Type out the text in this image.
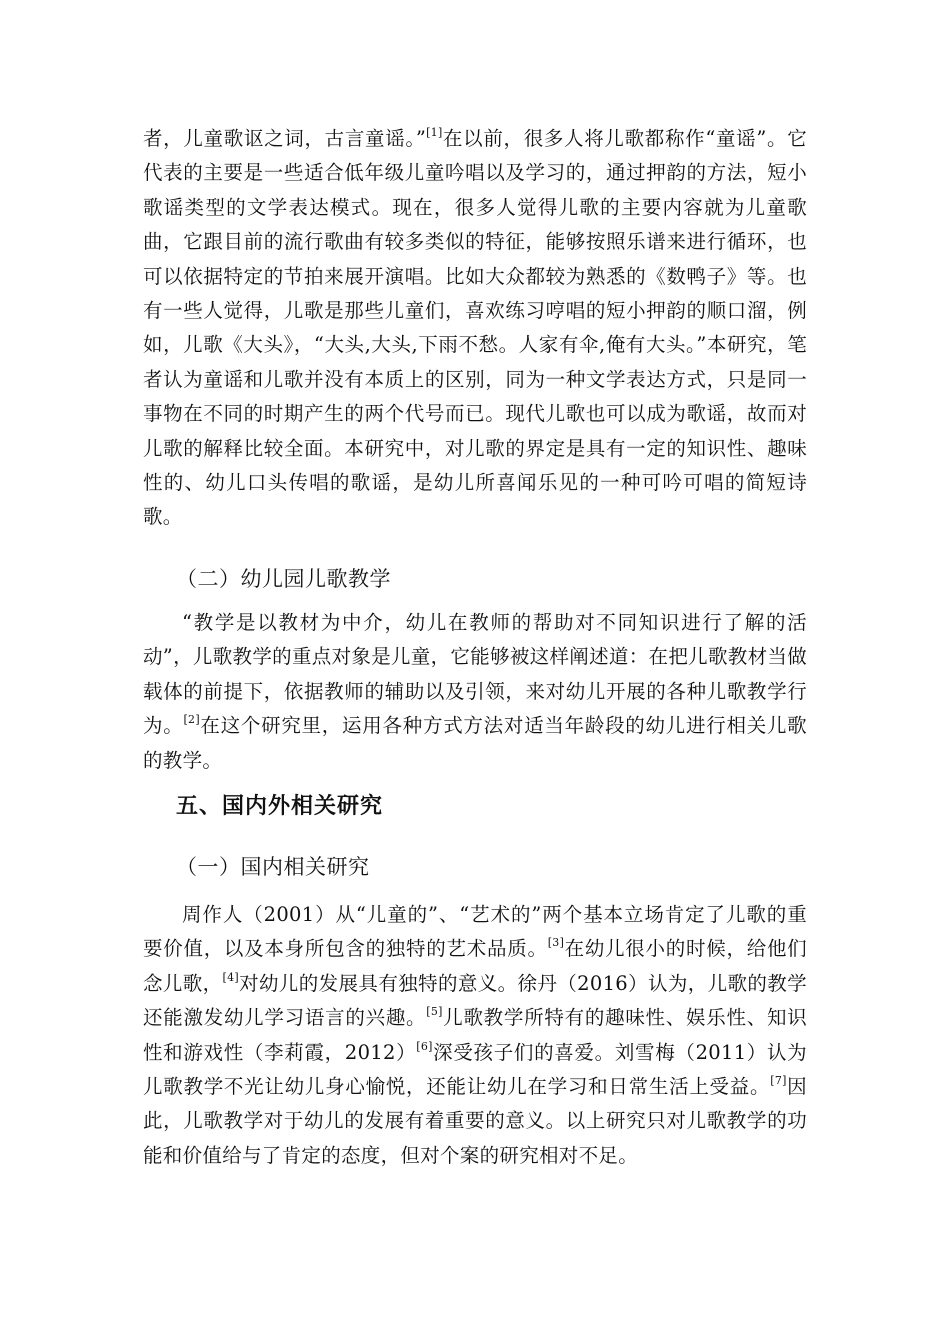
者，儿童歌讴之词，古言童谣。”[1]在以前，很多人将儿歌都称作“童谣”。它代表的主要是一些适合低年级儿童吟唱以及学习的，通过押韵的方法，短小歌谣类型的文学表达模式。现在，很多人觉得儿歌的主要内容就为儿童歌曲，它跟目前的流行歌曲有较多类似的特征，能够按照乐谱来进行循环，也可以依据特定的节拍来展开演唱。比如大众都较为熟悉的《数鸭子》等。也有一些人觉得，儿歌是那些儿童们，喜欢练习哼唱的短小押韵的顺口溜，例如，儿歌《大头》，“大头,大头,下雨不愁。人家有伞,俺有大头。”本研究，笔者认为童谣和儿歌并没有本质上的区别，同为一种文学表达方式，只是同一事物在不同的时期产生的两个代号而已。现代儿歌也可以成为歌谣，故而对儿歌的解释比较全面。本研究中，对儿歌的界定是具有一定的知识性、趣味性的、幼儿口头传唱的歌谣，是幼儿所喜闻乐见的一种可吟可唱的简短诗歌。

（二）幼儿园儿歌教学

“教学是以教材为中介，幼儿在教师的帮助对不同知识进行了解的活动”，儿歌教学的重点对象是儿童，它能够被这样阐述道：在把儿歌教材当做载体的前提下，依据教师的辅助以及引领，来对幼儿开展的各种儿歌教学行为。[2]在这个研究里，运用各种方式方法对适当年龄段的幼儿进行相关儿歌的教学。

五、国内外相关研究
（一）国内相关研究

周作人（2001）从“儿童的”、“艺术的”两个基本立场肯定了儿歌的重要价值，以及本身所包含的独特的艺术品质。[3]在幼儿很小的时候，给他们念儿歌，[4]对幼儿的发展具有独特的意义。徐丹（2016）认为，儿歌的教学还能激发幼儿学习语言的兴趣。[5]儿歌教学所特有的趣味性、娱乐性、知识性和游戏性（李莉霞，2012）[6]深受孩子们的喜爱。刘雪梅（2011）认为儿歌教学不光让幼儿身心愉悦，还能让幼儿在学习和日常生活上受益。[7]因此，儿歌教学对于幼儿的发展有着重要的意义。以上研究只对儿歌教学的功能和价值给与了肯定的态度，但对个案的研究相对不足。
